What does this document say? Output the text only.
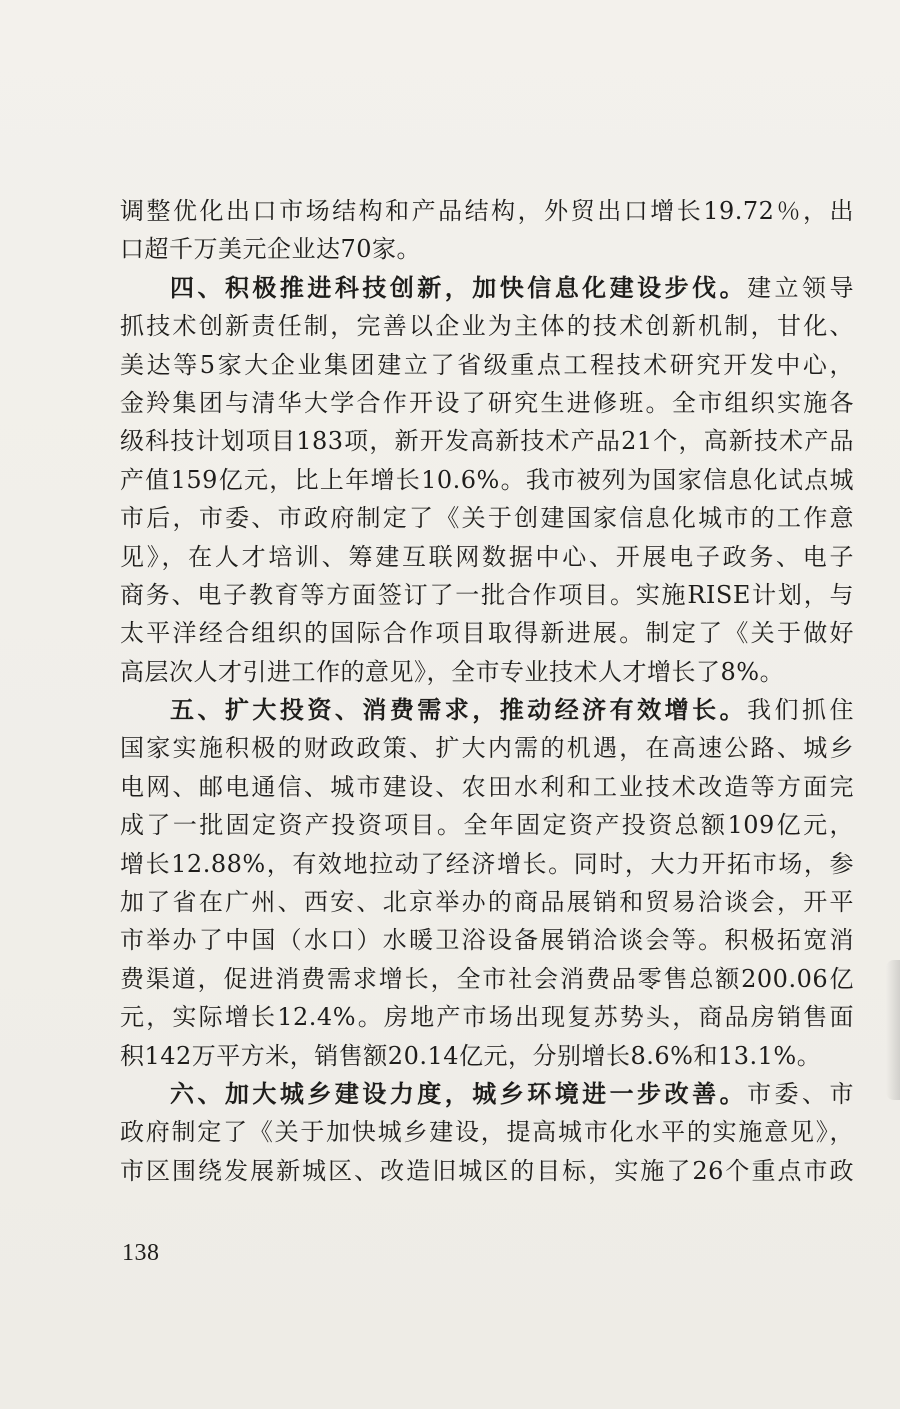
调整优化出口市场结构和产品结构，外贸出口增长19.72％，出
口超千万美元企业达70家。
四、积极推进科技创新，加快信息化建设步伐。建立领导
抓技术创新责任制，完善以企业为主体的技术创新机制，甘化、
美达等5家大企业集团建立了省级重点工程技术研究开发中心，
金羚集团与清华大学合作开设了研究生进修班。全市组织实施各
级科技计划项目183项，新开发高新技术产品21个，高新技术产品
产值159亿元，比上年增长10.6%。我市被列为国家信息化试点城
市后，市委、市政府制定了《关于创建国家信息化城市的工作意
见》，在人才培训、筹建互联网数据中心、开展电子政务、电子
商务、电子教育等方面签订了一批合作项目。实施RISE计划，与
太平洋经合组织的国际合作项目取得新进展。制定了《关于做好
高层次人才引进工作的意见》，全市专业技术人才增长了8%。
五、扩大投资、消费需求，推动经济有效增长。我们抓住
国家实施积极的财政政策、扩大内需的机遇，在高速公路、城乡
电网、邮电通信、城市建设、农田水利和工业技术改造等方面完
成了一批固定资产投资项目。全年固定资产投资总额109亿元，
增长12.88%，有效地拉动了经济增长。同时，大力开拓市场，参
加了省在广州、西安、北京举办的商品展销和贸易洽谈会，开平
市举办了中国（水口）水暖卫浴设备展销洽谈会等。积极拓宽消
费渠道，促进消费需求增长，全市社会消费品零售总额200.06亿
元，实际增长12.4%。房地产市场出现复苏势头，商品房销售面
积142万平方米，销售额20.14亿元，分别增长8.6%和13.1%。
六、加大城乡建设力度，城乡环境进一步改善。市委、市
政府制定了《关于加快城乡建设，提高城市化水平的实施意见》，
市区围绕发展新城区、改造旧城区的目标，实施了26个重点市政
138
